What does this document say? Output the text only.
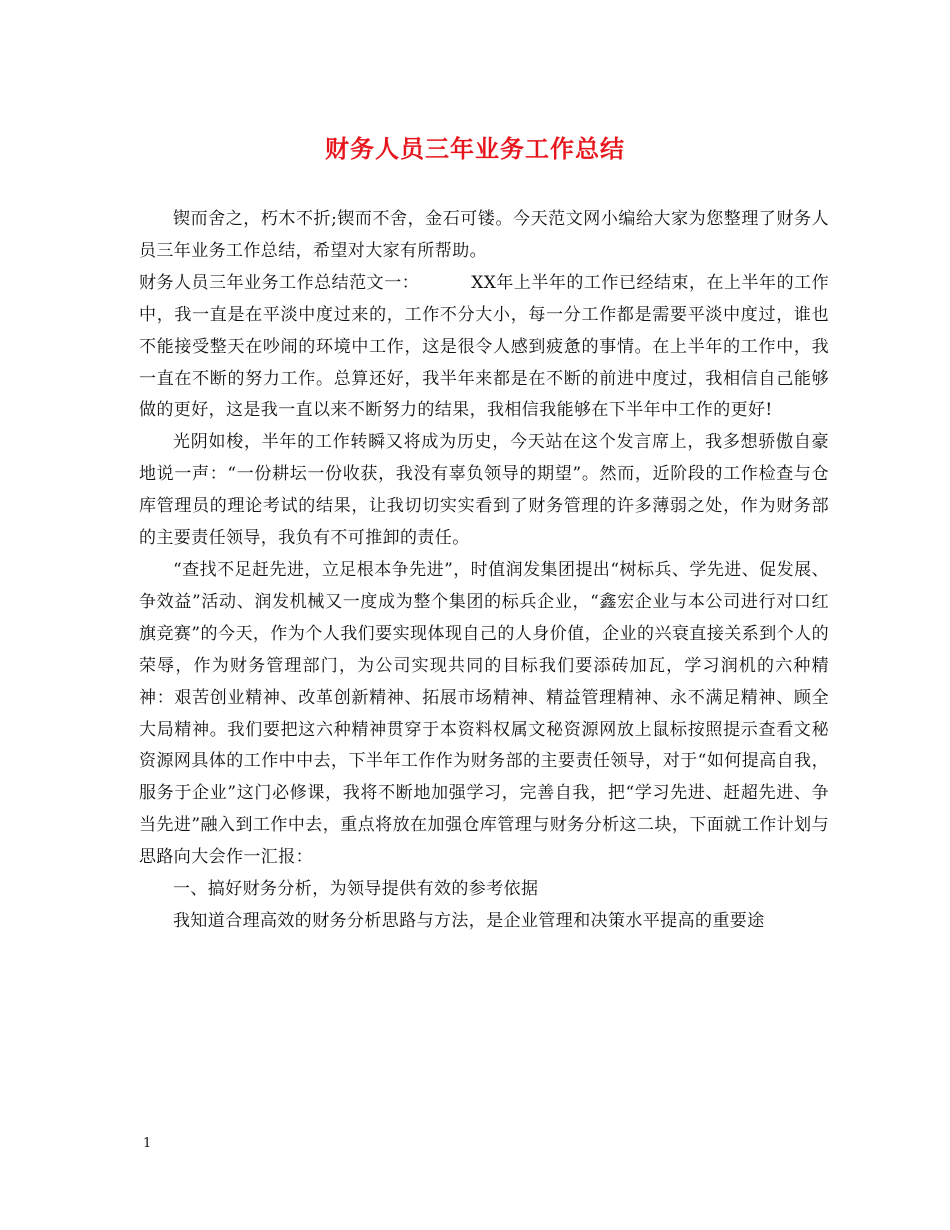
财务人员三年业务工作总结

锲而舍之，朽木不折;锲而不舍，金石可镂。今天范文网小编给大家为您整理了财务人员三年业务工作总结，希望对大家有所帮助。

财务人员三年业务工作总结范文一：	XX年上半年的工作已经结束，在上半年的工作中，我一直是在平淡中度过来的，工作不分大小，每一分工作都是需要平淡中度过，谁也不能接受整天在吵闹的环境中工作，这是很令人感到疲惫的事情。在上半年的工作中，我一直在不断的努力工作。总算还好，我半年来都是在不断的前进中度过，我相信自己能够做的更好，这是我一直以来不断努力的结果，我相信我能够在下半年中工作的更好!

光阴如梭，半年的工作转瞬又将成为历史，今天站在这个发言席上，我多想骄傲自豪地说一声：“一份耕坛一份收获，我没有辜负领导的期望”。然而，近阶段的工作检查与仓库管理员的理论考试的结果，让我切切实实看到了财务管理的许多薄弱之处，作为财务部的主要责任领导，我负有不可推卸的责任。

“查找不足赶先进，立足根本争先进”，时值润发集团提出“树标兵、学先进、促发展、争效益”活动、润发机械又一度成为整个集团的标兵企业，“鑫宏企业与本公司进行对口红旗竞赛”的今天，作为个人我们要实现体现自己的人身价值，企业的兴衰直接关系到个人的荣辱，作为财务管理部门，为公司实现共同的目标我们要添砖加瓦，学习润机的六种精神：艰苦创业精神、改革创新精神、拓展市场精神、精益管理精神、永不满足精神、顾全大局精神。我们要把这六种精神贯穿于本资料权属文秘资源网放上鼠标按照提示查看文秘资源网具体的工作中中去，下半年工作作为财务部的主要责任领导，对于“如何提高自我，服务于企业”这门必修课，我将不断地加强学习，完善自我，把“学习先进、赶超先进、争当先进”融入到工作中去，重点将放在加强仓库管理与财务分析这二块，下面就工作计划与思路向大会作一汇报：

一、搞好财务分析，为领导提供有效的参考依据

我知道合理高效的财务分析思路与方法，是企业管理和决策水平提高的重要途

1
